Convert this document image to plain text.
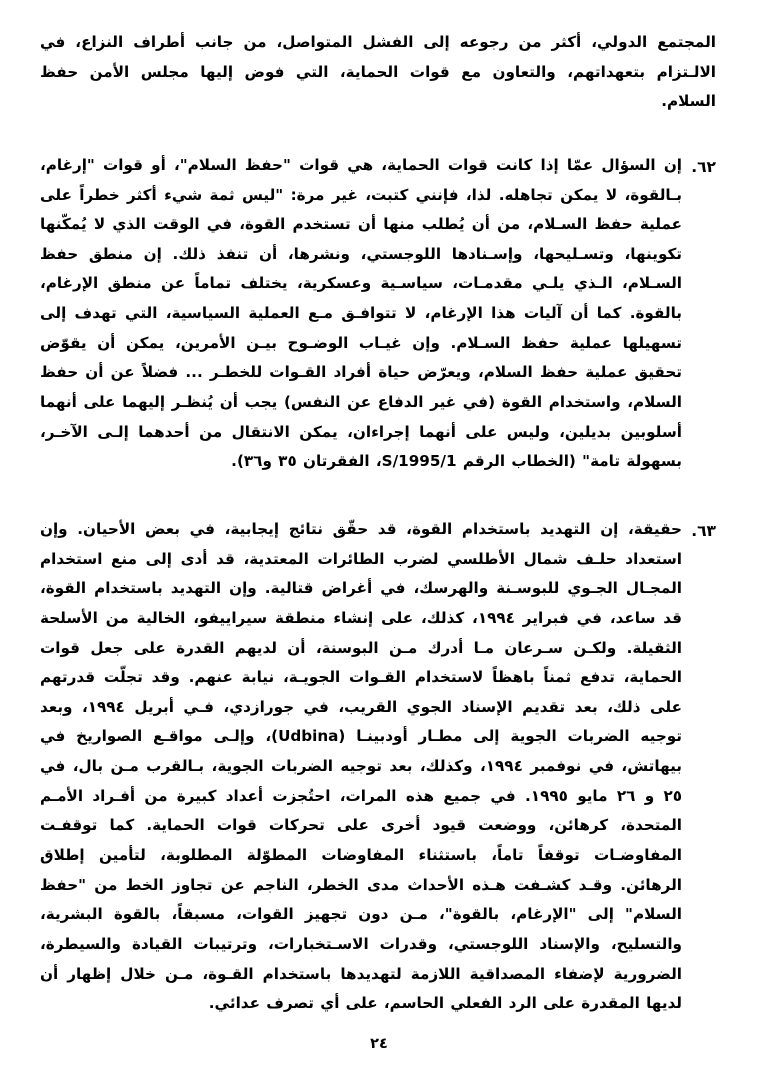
المجتمع الدولي، أكثر من رجوعه إلى الفشل المتواصل، من جانب أطراف النزاع، في الالـتزام بتعهداتهم، والتعاون مع قوات الحماية، التي فوض إليها مجلس الأمن حفظ السلام.
٦٢.
إن السؤال عمّا إذا كانت قوات الحماية، هي قوات "حفظ السلام"، أو قوات "إرغام، بـالقوة، لا يمكن تجاهله. لذا، فإنني كتبت، غير مرة: "ليس ثمة شيء أكثر خطراً على عملية حفظ السـلام، من أن يُطلب منها أن تستخدم القوة، في الوقت الذي لا يُمكّنها تكوينها، وتسـليحها، وإسـنادها اللوجستي، ونشرها، أن تنفذ ذلك. إن منطق حفظ السـلام، الـذي يلـي مقدمـات، سياسـية وعسكرية، يختلف تماماً عن منطق الإرغام، بالقوة. كما أن آليات هذا الإرغام، لا تتوافـق مـع العملية السياسية، التي تهدف إلى تسهيلها عملية حفظ السـلام. وإن غيـاب الوضـوح بيـن الأمرين، يمكن أن يقوّض تحقيق عملية حفظ السلام، ويعرّض حياة أفراد القـوات للخطـر ... فضلاً عن أن حفظ السلام، واستخدام القوة (في غير الدفاع عن النفس) يجب أن يُنظـر إليهما على أنهما أسلوبين بديلين، وليس على أنهما إجراءان، يمكن الانتقال من أحدهما إلـى الآخـر، بسهولة تامة" (الخطاب الرقم S/1995/1، الفقرتان ٣٥ و٣٦).
٦٣.
حقيقة، إن التهديد باستخدام القوة، قد حقّق نتائج إيجابية، في بعض الأحيان. وإن استعداد حلـف شمال الأطلسي لضرب الطائرات المعتدية، قد أدى إلى منع استخدام المجـال الجـوي للبوسـنة والهرسك، في أغراض قتالية. وإن التهديد باستخدام القوة، قد ساعد، في فبراير ١٩٩٤، كذلك، على إنشاء منطقة سيراييفو، الخالية من الأسلحة الثقيلة. ولكـن سـرعان مـا أدرك مـن البوسنة، أن لديهم القدرة على جعل قوات الحماية، تدفع ثمناً باهظاً لاستخدام القـوات الجويـة، نيابة عنهم. وقد تجلّت قدرتهم على ذلك، بعد تقديم الإسناد الجوي القريب، في جورازدي، فـي أبريل ١٩٩٤، وبعد توجيه الضربات الجوية إلى مطـار أودبينـا (Udbina)، وإلـى مواقـع الصواريخ في بيهاتش، في نوفمبر ١٩٩٤، وكذلك، بعد توجيه الضربات الجوية، بـالقرب مـن بال، في ٢٥ و ٢٦ مايو ١٩٩٥. في جميع هذه المرات، احتُجزت أعداد كبيرة من أفـراد الأمـم المتحدة، كرهائن، ووضعت قيود أخرى على تحركات قوات الحماية. كما توقفـت المفاوضـات توقفاً تاماً، باستثناء المفاوضات المطوّلة المطلوبة، لتأمين إطلاق الرهائن. وقـد كشـفت هـذه الأحداث مدى الخطر، الناجم عن تجاوز الخط من "حفظ السلام" إلى "الإرغام، بالقوة"، مـن دون تجهيز القوات، مسبقاً، بالقوة البشرية، والتسليح، والإسناد اللوجستي، وقدرات الاسـتخبارات، وترتيبات القيادة والسيطرة، الضرورية لإضفاء المصداقية اللازمة لتهديدها باستخدام القـوة، مـن خلال إظهار أن لديها المقدرة على الرد الفعلي الحاسم، على أي تصرف عدائي.
٢٤
